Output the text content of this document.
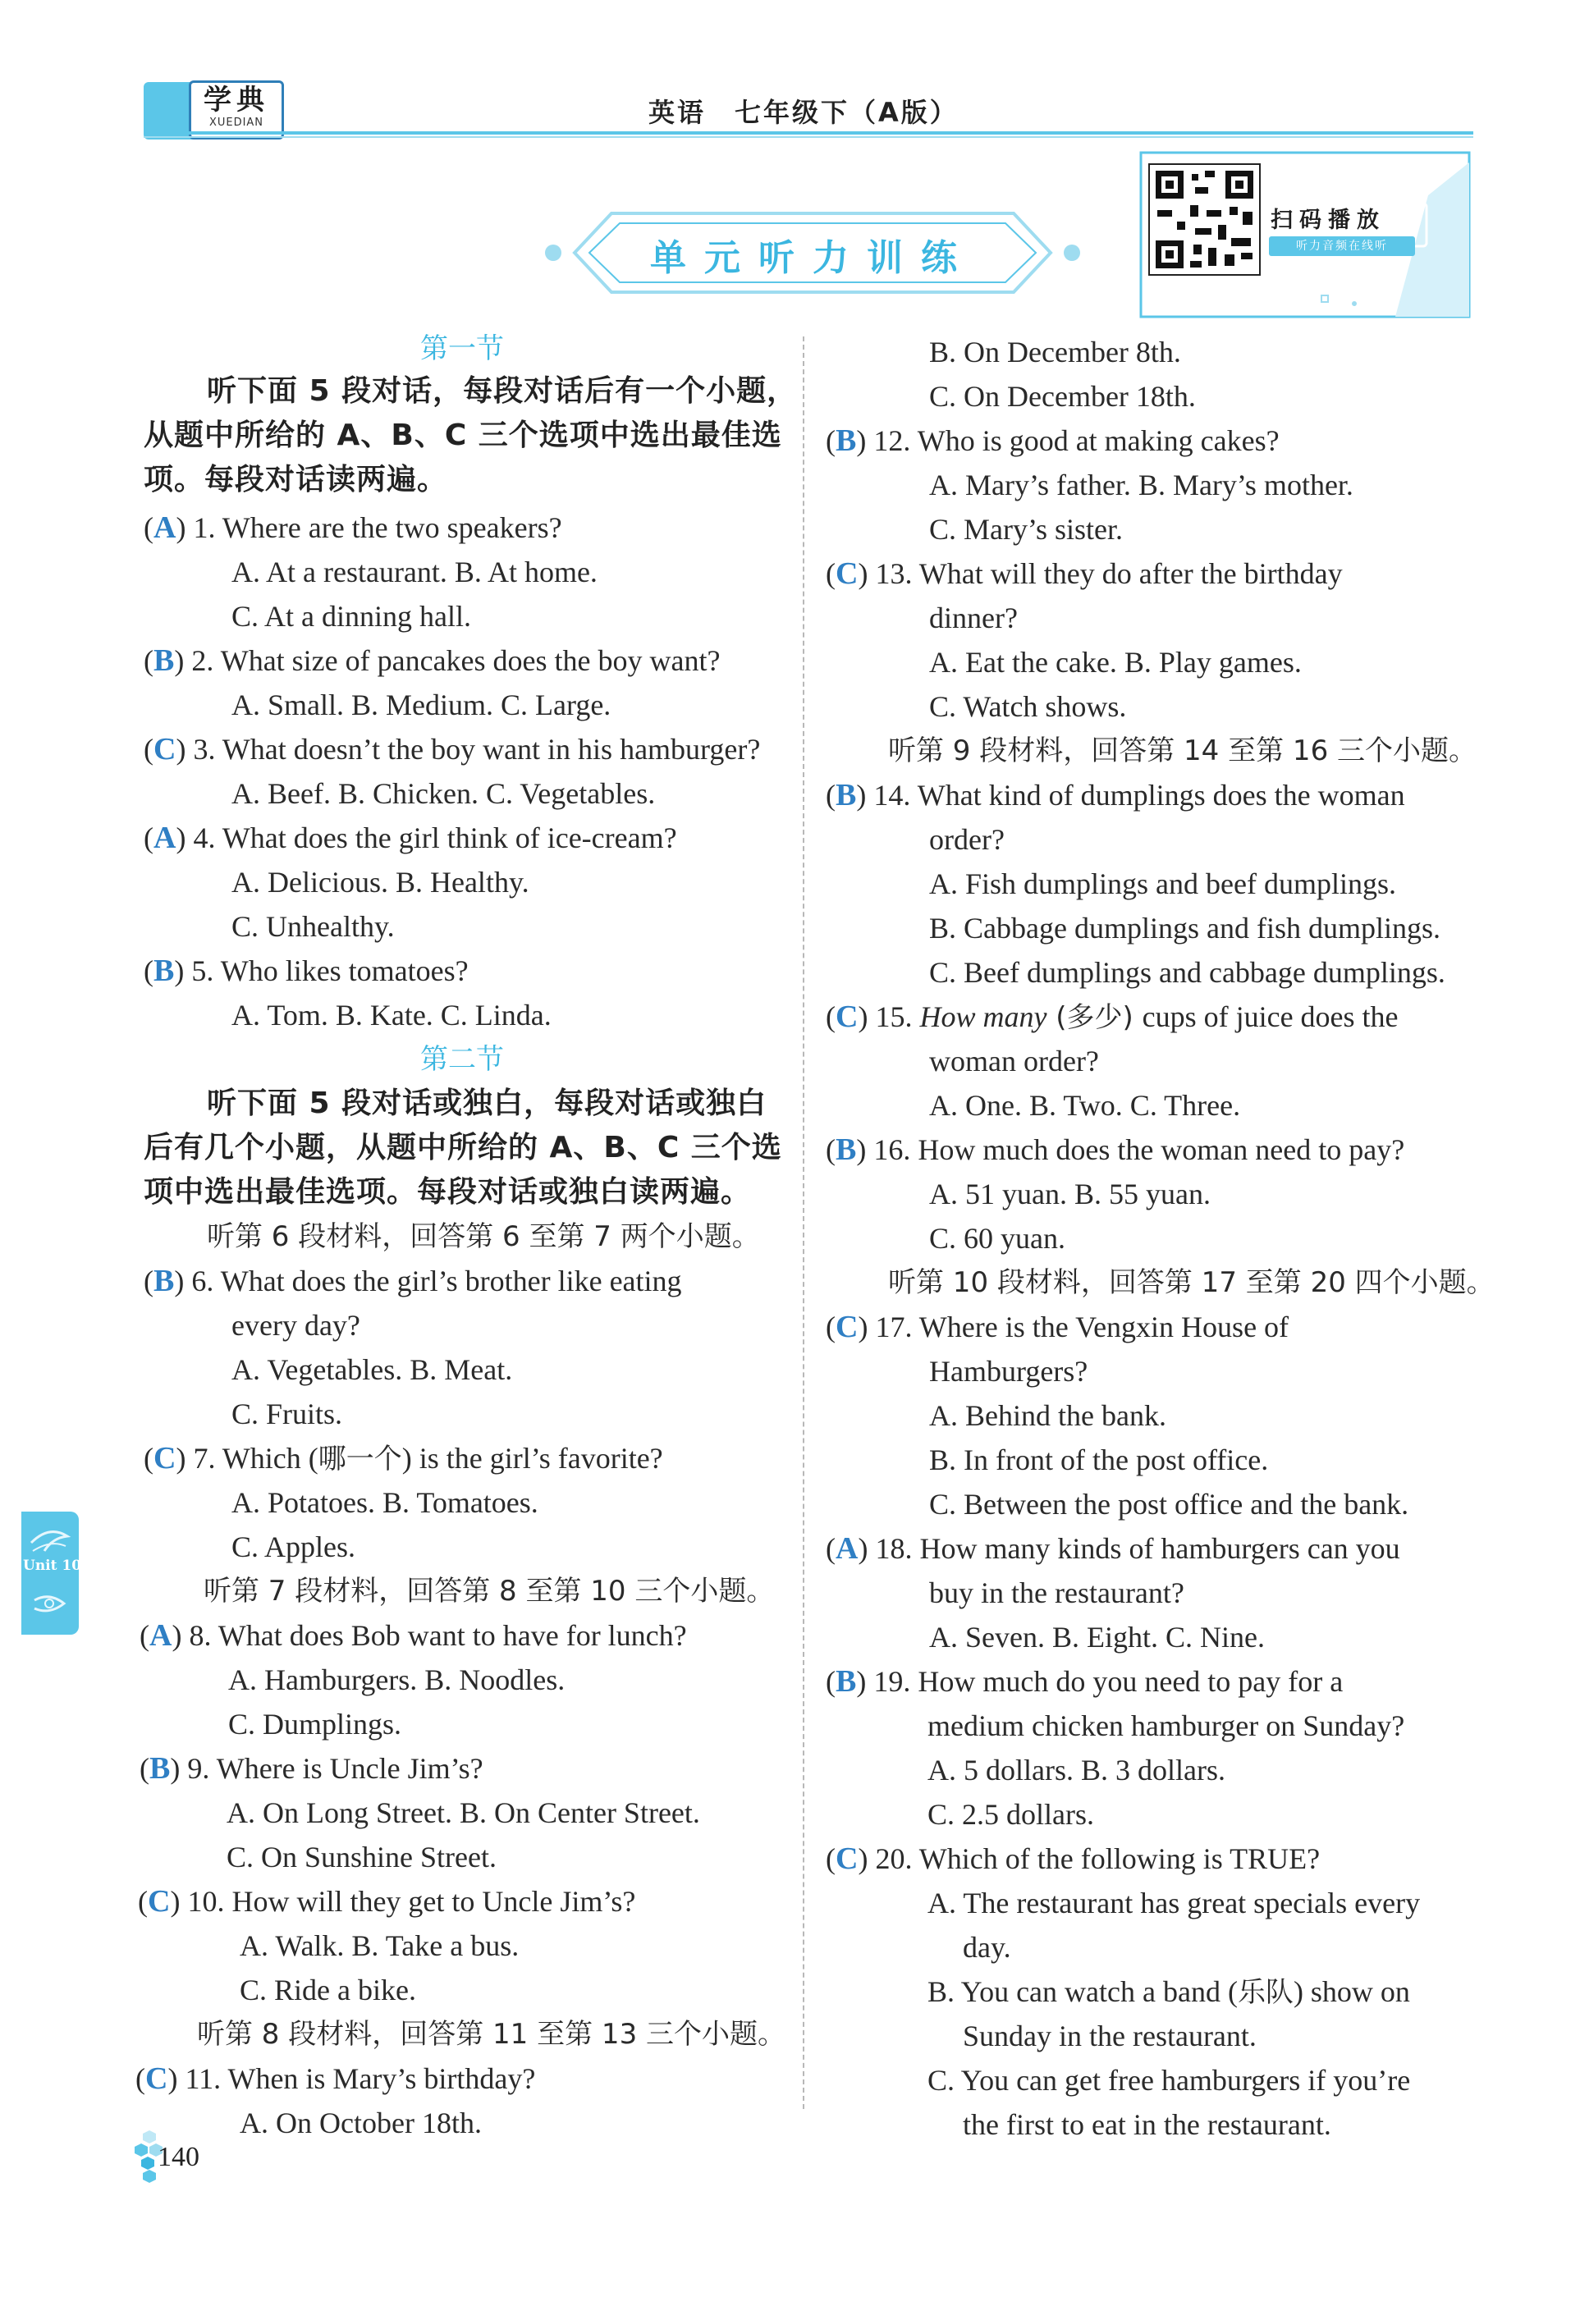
学典
XUEDIAN	英语　七年级下（A版）
单元听力训练
扫码播放
听力音频在线听
第一节
听下面 5 段对话，每段对话后有一个小题，
从题中所给的 A、B、C 三个选项中选出最佳选
项。每段对话读两遍。
(A) 1. Where are the two speakers?
A. At a restaurant. B. At home.
C. At a dinning hall.
(B) 2. What size of pancakes does the boy want?
A. Small. B. Medium. C. Large.
(C) 3. What doesn’t the boy want in his hamburger?
A. Beef. B. Chicken. C. Vegetables.
(A) 4. What does the girl think of ice-cream?
A. Delicious. B. Healthy.
C. Unhealthy.
(B) 5. Who likes tomatoes?
A. Tom. B. Kate. C. Linda.
第二节
听下面 5 段对话或独白，每段对话或独白
后有几个小题，从题中所给的 A、B、C 三个选
项中选出最佳选项。每段对话或独白读两遍。
听第 6 段材料，回答第 6 至第 7 两个小题。
(B) 6. What does the girl’s brother like eating
every day?
A. Vegetables. B. Meat.
C. Fruits.
(C) 7. Which (哪一个) is the girl’s favorite?
A. Potatoes. B. Tomatoes.
C. Apples.
听第 7 段材料，回答第 8 至第 10 三个小题。
(A) 8. What does Bob want to have for lunch?
A. Hamburgers. B. Noodles.
C. Dumplings.
(B) 9. Where is Uncle Jim’s?
A. On Long Street. B. On Center Street.
C. On Sunshine Street.
(C) 10. How will they get to Uncle Jim’s?
A. Walk. B. Take a bus.
C. Ride a bike.
听第 8 段材料，回答第 11 至第 13 三个小题。
(C) 11. When is Mary’s birthday?
A. On October 18th.
B. On December 8th.
C. On December 18th.
(B) 12. Who is good at making cakes?
A. Mary’s father. B. Mary’s mother.
C. Mary’s sister.
(C) 13. What will they do after the birthday
dinner?
A. Eat the cake. B. Play games.
C. Watch shows.
听第 9 段材料，回答第 14 至第 16 三个小题。
(B) 14. What kind of dumplings does the woman
order?
A. Fish dumplings and beef dumplings.
B. Cabbage dumplings and fish dumplings.
C. Beef dumplings and cabbage dumplings.
(C) 15. How many (多少) cups of juice does the
woman order?
A. One. B. Two. C. Three.
(B) 16. How much does the woman need to pay?
A. 51 yuan. B. 55 yuan.
C. 60 yuan.
听第 10 段材料，回答第 17 至第 20 四个小题。
(C) 17. Where is the Vengxin House of
Hamburgers?
A. Behind the bank.
B. In front of the post office.
C. Between the post office and the bank.
(A) 18. How many kinds of hamburgers can you
buy in the restaurant?
A. Seven. B. Eight. C. Nine.
(B) 19. How much do you need to pay for a
medium chicken hamburger on Sunday?
A. 5 dollars. B. 3 dollars.
C. 2.5 dollars.
(C) 20. Which of the following is TRUE?
A. The restaurant has great specials every
day.
B. You can watch a band (乐队) show on
Sunday in the restaurant.
C. You can get free hamburgers if you’re
the first to eat in the restaurant.
Unit 10
140
